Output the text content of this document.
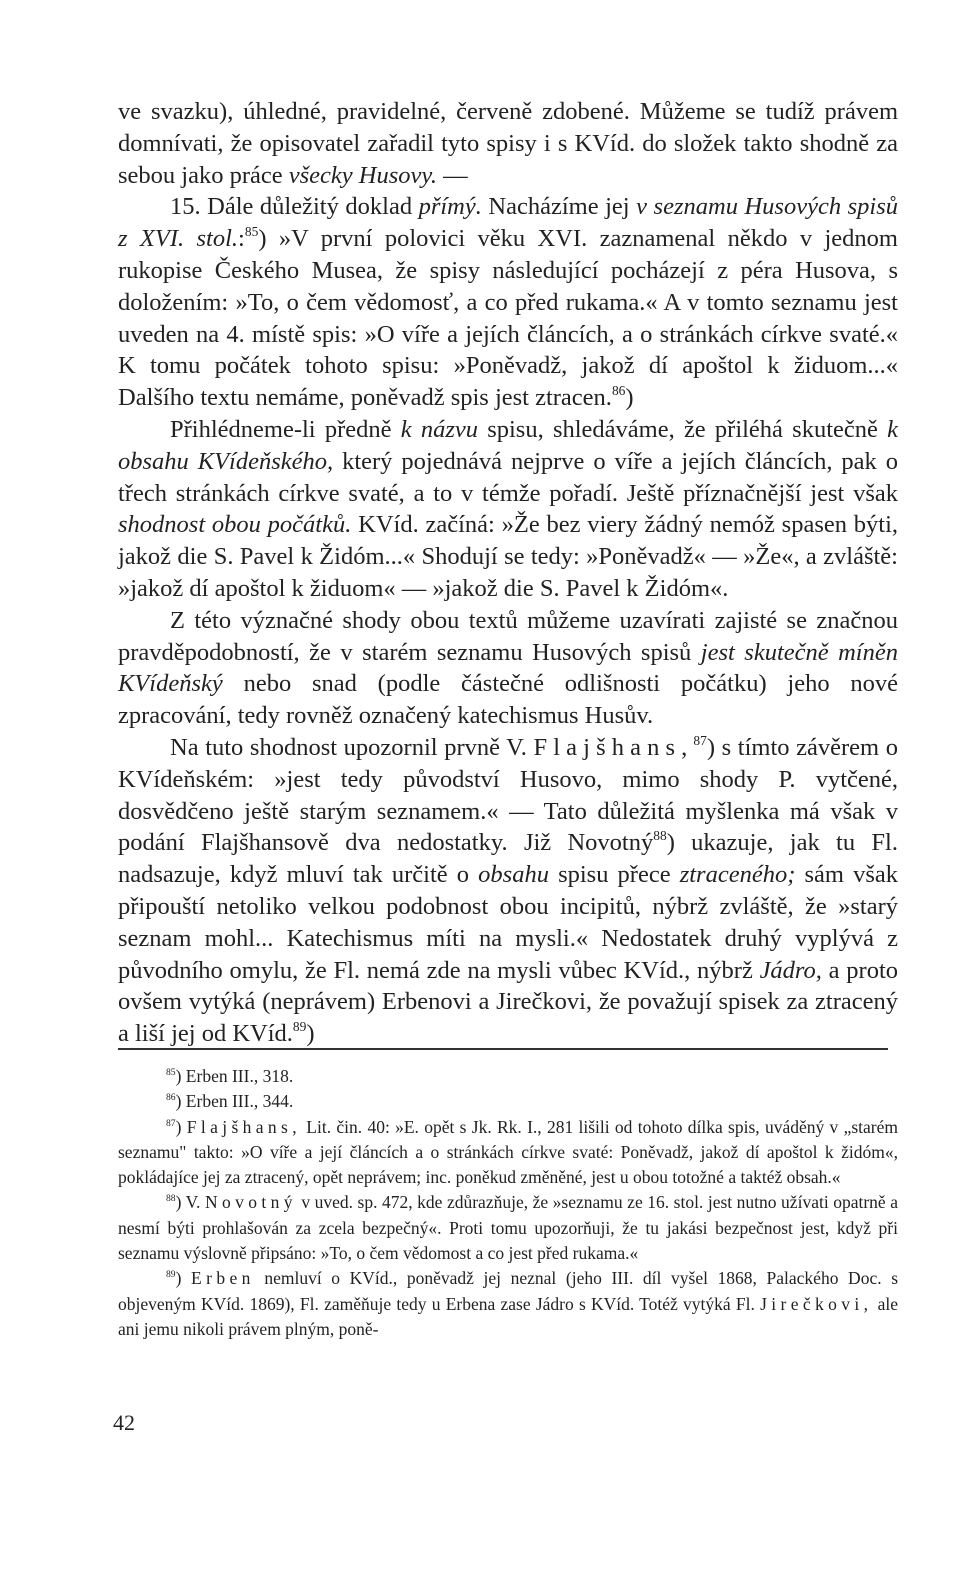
ve svazku), úhledné, pravidelné, červeně zdobené. Můžeme se tudíž právem domnívati, že opisovatel zařadil tyto spisy i s KVíd. do složek takto shodně za sebou jako práce všecky Husovy. —

15. Dále důležitý doklad přímý. Nacházíme jej v seznamu Husových spisů z XVI. stol.:$^{85}$) »V první polovici věku XVI. zaznamenal někdo v jednom rukopise Českého Musea, že spisy následující pocházejí z péra Husova, s doložením: »To, o čem vědomosť, a co před rukama.« A v tomto seznamu jest uveden na 4. místě spis: »O víře a jejích článcích, a o stránkách církve svaté.« K tomu počátek tohoto spisu: »Poněvadž, jakož dí apoštol k židuom...« Dalšího textu nemáme, poněvadž spis jest ztracen.$^{86}$)

Přihlédneme-li předně k názvu spisu, shledáváme, že přiléhá skutečně k obsahu KVídeňského, který pojednává nejprve o víře a jejích článcích, pak o třech stránkách církve svaté, a to v témže pořadí. Ještě příznačnější jest však shodnost obou počátků. KVíd. začíná: »Že bez viery žádný nemóž spasen býti, jakož die S. Pavel k Židóm...« Shodují se tedy: »Poněvadž« — »Že«, a zvláště: »jakož dí apoštol k židuom« — »jakož die S. Pavel k Židóm«.

Z této význačné shody obou textů můžeme uzavírati zajisté se značnou pravděpodobností, že v starém seznamu Husových spisů jest skutečně míněn KVídeňský nebo snad (podle částečné odlišnosti počátku) jeho nové zpracování, tedy rovněž označený katechismus Husův.

Na tuto shodnost upozornil prvně V. Flajšhans,$^{87}$) s tímto závěrem o KVídeňském: »jest tedy původství Husovo, mimo shody P. vytčené, dosvědčeno ještě starým seznamem.« — Tato důležitá myšlenka má však v podání Flajšhansově dva nedostatky. Již Novotný$^{88}$) ukazuje, jak tu Fl. nadsazuje, když mluví tak určitě o obsahu spisu přece ztraceného; sám však připouští netoliko velkou podobnost obou incipitů, nýbrž zvláště, že »starý seznam mohl... Katechismus míti na mysli.« Nedostatek druhý vyplývá z původního omylu, že Fl. nemá zde na mysli vůbec KVíd., nýbrž Jádro, a proto ovšem vytýká (neprávem) Erbenovi a Jirečkovi, že považují spisek za ztracený a liší jej od KVíd.$^{89}$)

$^{85}$) Erben III., 318.

$^{86}$) Erben III., 344.

$^{87}$) Flajšhans, Lit. čin. 40: »E. opět s Jk. Rk. I., 281 lišili od tohoto dílka spis, uváděný v „starém seznamu" takto: »O víře a její článcích a o stránkách církve svaté: Poněvadž, jakož dí apoštol k židóm«, pokládajíce jej za ztracený, opět neprávem; inc. poněkud změněné, jest u obou totožné a taktéž obsah.«

$^{88}$) V. Novotný v uved. sp. 472, kde zdůrazňuje, že »seznamu ze 16. stol. jest nutno užívati opatrně a nesmí býti prohlašován za zcela bezpečný«. Proti tomu upozorňuji, že tu jakási bezpečnost jest, když při seznamu výslovně připsáno: »To, o čem vědomost a co jest před rukama.«

$^{89}$) Erben nemluví o KVíd., poněvadž jej neznal (jeho III. díl vyšel 1868, Palackého Doc. s objeveným KVíd. 1869), Fl. zaměňuje tedy u Erbena zase Jádro s KVíd. Totéž vytýká Fl. Jirečkovi, ale ani jemu nikoli právem plným, poně-

42
